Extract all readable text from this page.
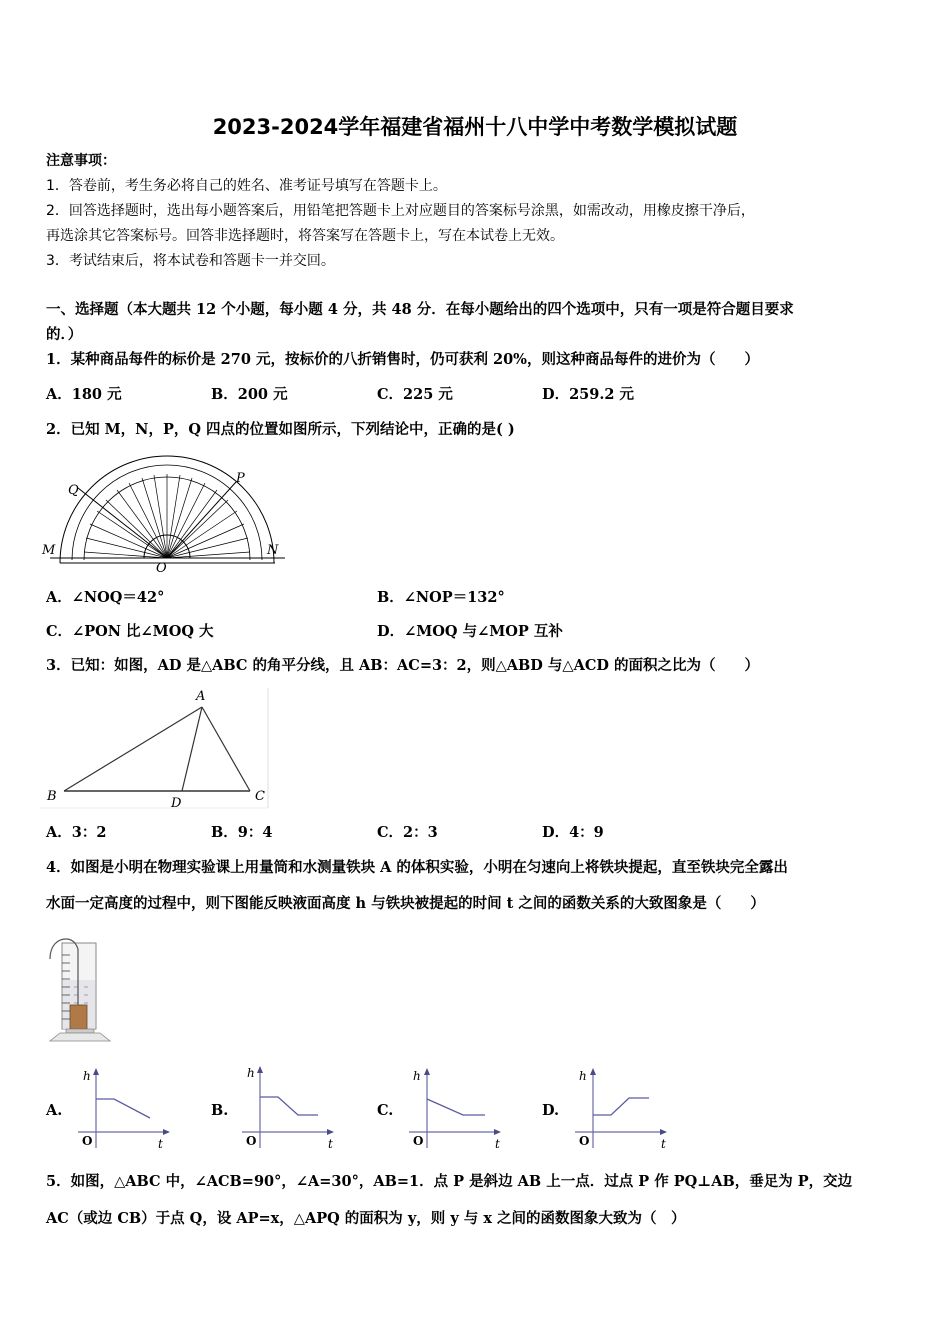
2023-2024学年福建省福州十八中学中考数学模拟试题
注意事项：
1．答卷前，考生务必将自己的姓名、准考证号填写在答题卡上。
2．回答选择题时，选出每小题答案后，用铅笔把答题卡上对应题目的答案标号涂黑，如需改动，用橡皮擦干净后，
再选涂其它答案标号。回答非选择题时，将答案写在答题卡上，写在本试卷上无效。
3．考试结束后，将本试卷和答题卡一并交回。
一、选择题（本大题共 12 个小题，每小题 4 分，共 48 分．在每小题给出的四个选项中，只有一项是符合题目要求
的．）
1．某种商品每件的标价是 270 元，按标价的八折销售时，仍可获利 20%，则这种商品每件的进价为（　　）
A．180 元	B．200 元	C．225 元	D．259.2 元
2．已知 M，N，P，Q 四点的位置如图所示，下列结论中，正确的是( )
M	N
P
Q
O
A．∠NOQ＝42°	B．∠NOP＝132°
C．∠PON 比∠MOQ 大	D．∠MOQ 与∠MOP 互补
3．已知：如图，AD 是△ABC 的角平分线，且 AB：AC=3：2，则△ABD 与△ACD 的面积之比为（　　）
A
B	C
D
A．3：2	B．9：4	C．2：3	D．4：9
4．如图是小明在物理实验课上用量筒和水测量铁块 A 的体积实验，小明在匀速向上将铁块提起，直至铁块完全露出
水面一定高度的过程中，则下图能反映液面高度 h 与铁块被提起的时间 t 之间的函数关系的大致图象是（　　）
A.
h
t
O
B.
h
t
O
C.
h
t
O
D.
h
t
O
5．如图，△ABC 中，∠ACB=90°，∠A=30°，AB=1．点 P 是斜边 AB 上一点．过点 P 作 PQ⊥AB，垂足为 P，交边
AC（或边 CB）于点 Q，设 AP=x，△APQ 的面积为 y，则 y 与 x 之间的函数图象大致为（　）
